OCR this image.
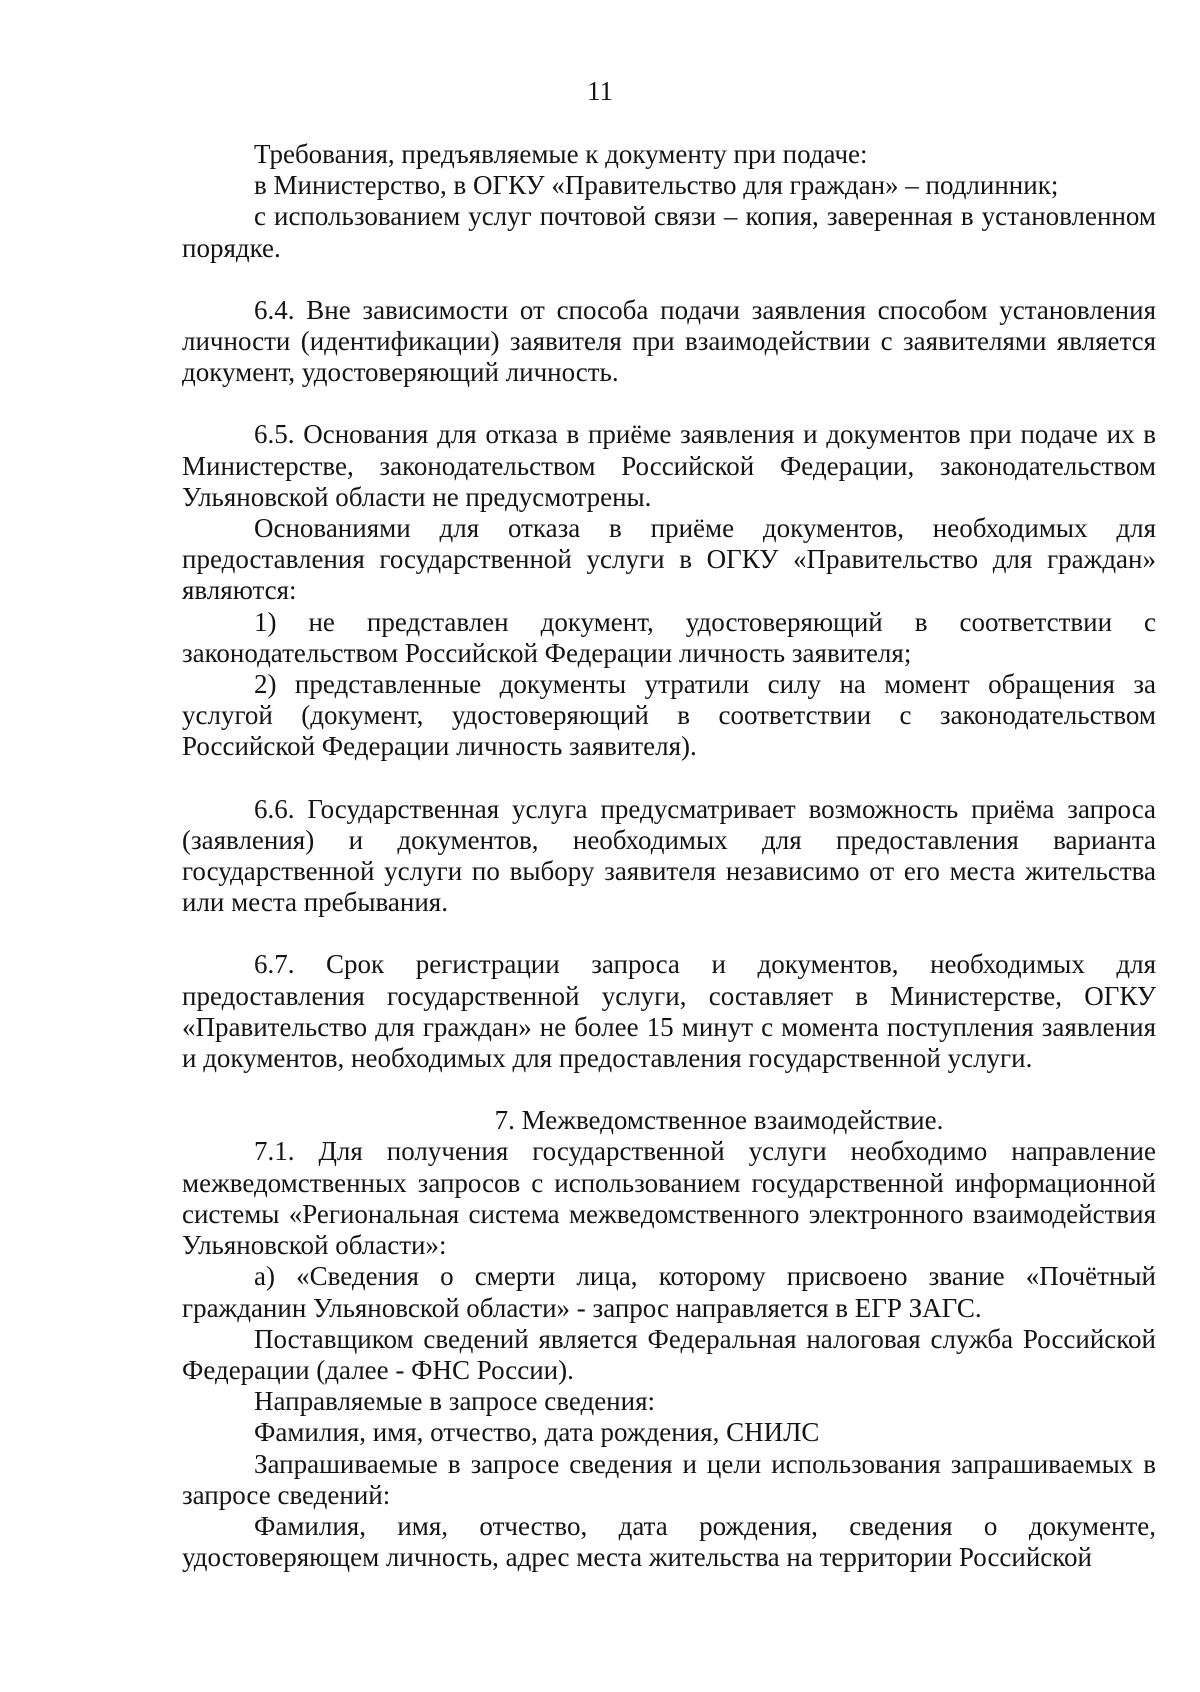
11

Требования, предъявляемые к документу при подаче:

в Министерство, в ОГКУ «Правительство для граждан» – подлинник;

с использованием услуг почтовой связи – копия, заверенная в установленном порядке.

6.4. Вне зависимости от способа подачи заявления способом установления личности (идентификации) заявителя при взаимодействии с заявителями является документ, удостоверяющий личность.

6.5. Основания для отказа в приёме заявления и документов при подаче их в Министерстве, законодательством Российской Федерации, законодательством Ульяновской области не предусмотрены.

Основаниями для отказа в приёме документов, необходимых для предоставления государственной услуги в ОГКУ «Правительство для граждан» являются:

1) не представлен документ, удостоверяющий в соответствии с законодательством Российской Федерации личность заявителя;

2) представленные документы утратили силу на момент обращения за услугой (документ, удостоверяющий в соответствии с законодательством Российской Федерации личность заявителя).

6.6. Государственная услуга предусматривает возможность приёма запроса (заявления) и документов, необходимых для предоставления варианта государственной услуги по выбору заявителя независимо от его места жительства или места пребывания.

6.7. Срок регистрации запроса и документов, необходимых для предоставления государственной услуги, составляет в Министерстве, ОГКУ «Правительство для граждан» не более 15 минут с момента поступления заявления и документов, необходимых для предоставления государственной услуги.

7. Межведомственное взаимодействие.

7.1. Для получения государственной услуги необходимо направление межведомственных запросов с использованием государственной информационной системы «Региональная система межведомственного электронного взаимодействия Ульяновской области»:

а) «Сведения о смерти лица, которому присвоено звание «Почётный гражданин Ульяновской области» - запрос направляется в ЕГР ЗАГС.

Поставщиком сведений является Федеральная налоговая служба Российской Федерации (далее - ФНС России).

Направляемые в запросе сведения:

Фамилия, имя, отчество, дата рождения, СНИЛС

Запрашиваемые в запросе сведения и цели использования запрашиваемых в запросе сведений:

Фамилия, имя, отчество, дата рождения, сведения о документе, удостоверяющем личность, адрес места жительства на территории Российской
